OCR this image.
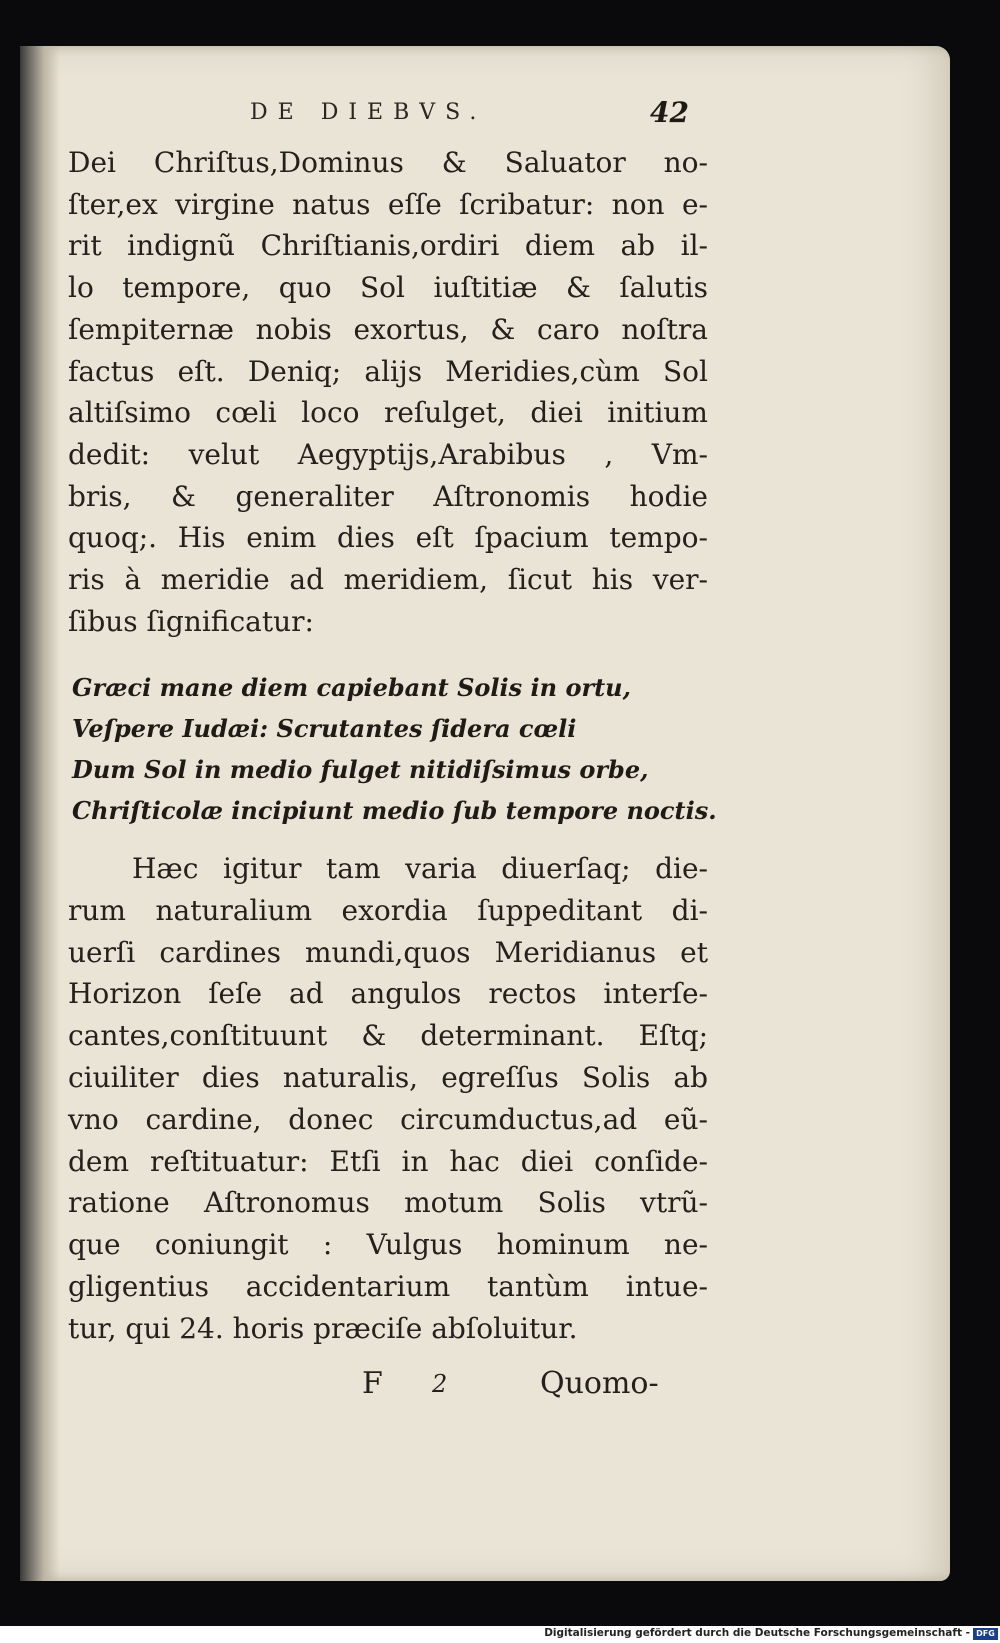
DE DIEBVS.	42
Dei Chriſtus,Dominus & Saluator no-
ſter,ex virgine natus eſſe ſcribatur: non e-
rit indignũ Chriſtianis,ordiri diem ab il-
lo tempore, quo Sol iuſtitiæ & ſalutis
ſempiternæ nobis exortus, & caro noſtra
factus eſt. Deniq; alijs Meridies,cùm Sol
altiſsimo cœli loco reſulget, diei initium
dedit: velut Aegyptijs,Arabibus , Vm-
bris, & generaliter Aſtronomis hodie
quoq;. His enim dies eſt ſpacium tempo-
ris à meridie ad meridiem, ſicut his ver-
ſibus ſignificatur:
Græci mane diem capiebant Solis in ortu,
Veſpere Iudæi: Scrutantes ſidera cœli
Dum Sol in medio fulget nitidiſsimus orbe,
Chriſticolæ incipiunt medio ſub tempore noctis.
Hæc igitur tam varia diuerſaq; die-
rum naturalium exordia ſuppeditant di-
uerſi cardines mundi,quos Meridianus et
Horizon ſeſe ad angulos rectos interſe-
cantes,conſtituunt & determinant. Eſtq;
ciuiliter dies naturalis, egreſſus Solis ab
vno cardine, donec circumductus,ad eũ-
dem reſtituatur: Etſi in hac diei conſide-
ratione Aſtronomus motum Solis vtrũ-
que coniungit : Vulgus hominum ne-
gligentius accidentarium tantùm intue-
tur, qui 24. horis præciſe abſoluitur.
F 2	Quomo-
Digitalisierung gefördert durch die Deutsche Forschungsgemeinschaft - DFG
